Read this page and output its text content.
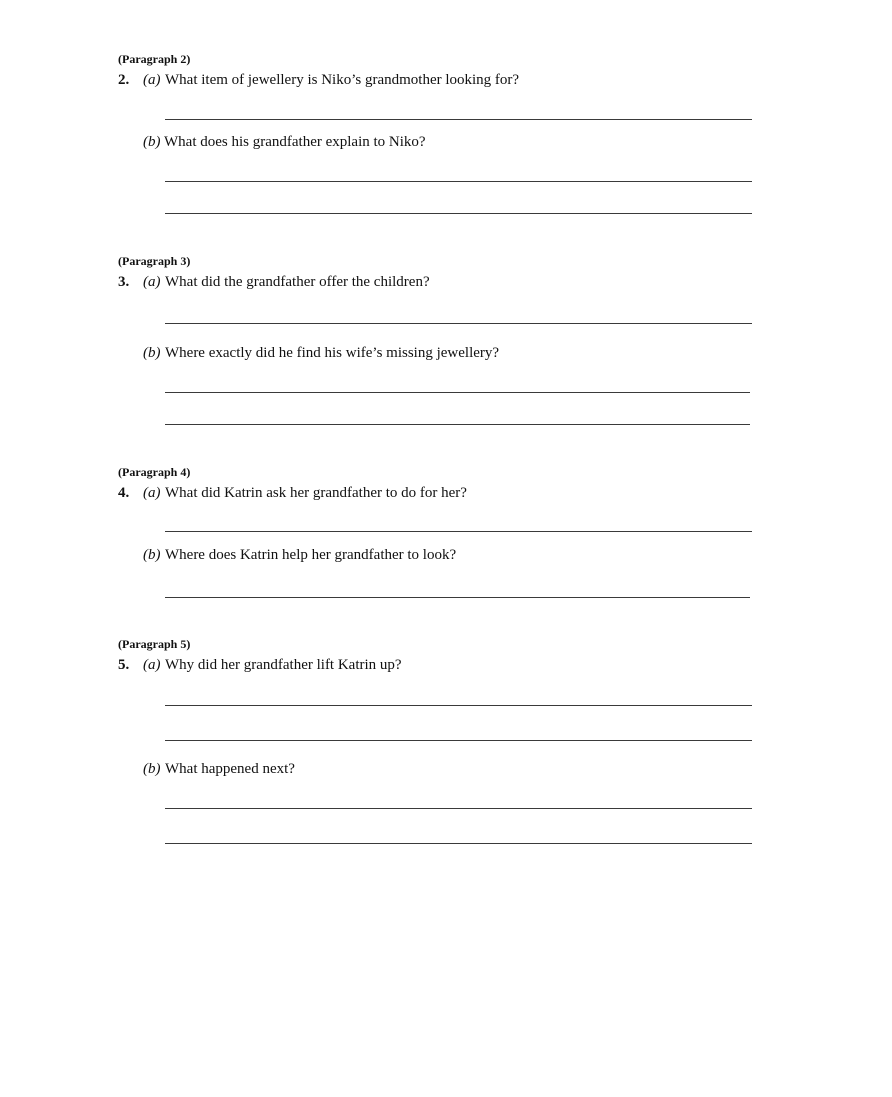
(Paragraph 2)
2. (a) What item of jewellery is Niko’s grandmother looking for?
(b) What does his grandfather explain to Niko?
(Paragraph 3)
3. (a) What did the grandfather offer the children?
(b) Where exactly did he find his wife’s missing jewellery?
(Paragraph 4)
4. (a) What did Katrin ask her grandfather to do for her?
(b) Where does Katrin help her grandfather to look?
(Paragraph 5)
5. (a) Why did her grandfather lift Katrin up?
(b) What happened next?
